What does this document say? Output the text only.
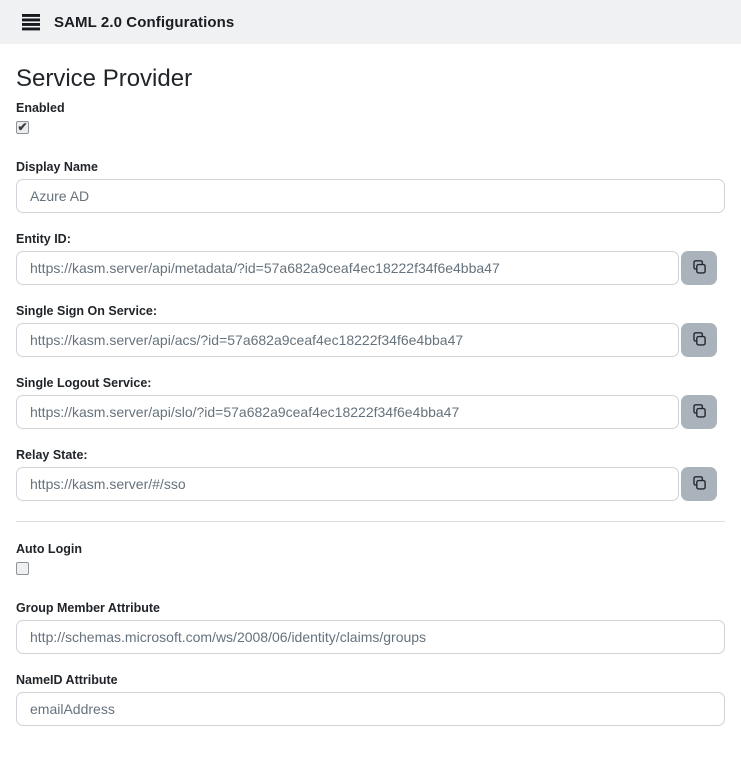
SAML 2.0 Configurations
Service Provider
Enabled
Display Name
Azure AD
Entity ID:
https://kasm.server/api/metadata/?id=57a682a9ceaf4ec18222f34f6e4bba47
Single Sign On Service:
https://kasm.server/api/acs/?id=57a682a9ceaf4ec18222f34f6e4bba47
Single Logout Service:
https://kasm.server/api/slo/?id=57a682a9ceaf4ec18222f34f6e4bba47
Relay State:
https://kasm.server/#/sso
Auto Login
Group Member Attribute
http://schemas.microsoft.com/ws/2008/06/identity/claims/groups
NameID Attribute
emailAddress
